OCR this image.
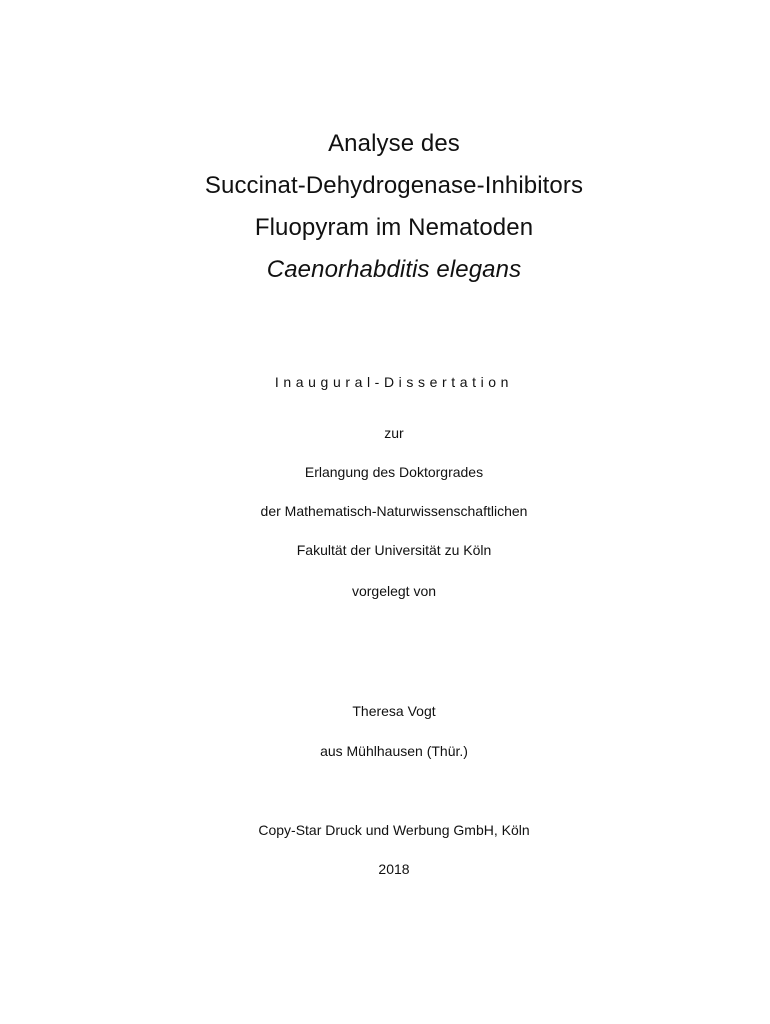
Analyse des
Succinat-Dehydrogenase-Inhibitors
Fluopyram im Nematoden
Caenorhabditis elegans
Inaugural-Dissertation
zur
Erlangung des Doktorgrades
der Mathematisch-Naturwissenschaftlichen
Fakultät der Universität zu Köln
vorgelegt von
Theresa Vogt
aus Mühlhausen (Thür.)
Copy-Star Druck und Werbung GmbH, Köln
2018
